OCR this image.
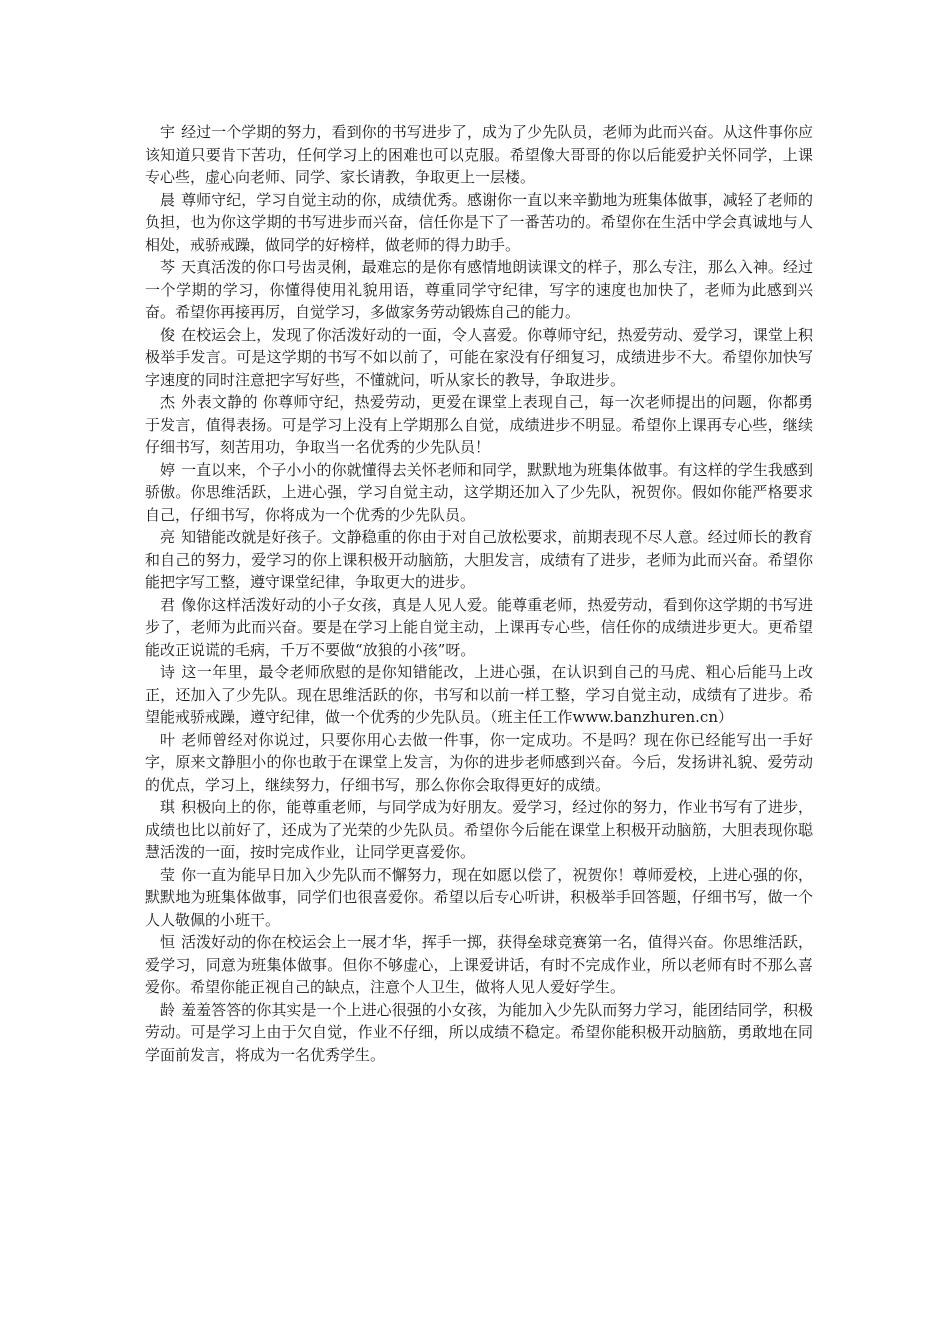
宇 经过一个学期的努力，看到你的书写进步了，成为了少先队员，老师为此而兴奋。从这件事你应该知道只要肯下苦功，任何学习上的困难也可以克服。希望像大哥哥的你以后能爱护关怀同学，上课专心些，虚心向老师、同学、家长请教，争取更上一层楼。

晨 尊师守纪，学习自觉主动的你，成绩优秀。感谢你一直以来辛勤地为班集体做事，减轻了老师的负担，也为你这学期的书写进步而兴奋，信任你是下了一番苦功的。希望你在生活中学会真诚地与人相处，戒骄戒躁，做同学的好榜样，做老师的得力助手。

芩 天真活泼的你口号齿灵俐，最难忘的是你有感情地朗读课文的样子，那么专注，那么入神。经过一个学期的学习，你懂得使用礼貌用语，尊重同学守纪律，写字的速度也加快了，老师为此感到兴奋。希望你再接再厉，自觉学习，多做家务劳动锻炼自己的能力。

俊 在校运会上，发现了你活泼好动的一面，令人喜爱。你尊师守纪，热爱劳动、爱学习，课堂上积极举手发言。可是这学期的书写不如以前了，可能在家没有仔细复习，成绩进步不大。希望你加快写字速度的同时注意把字写好些，不懂就问，听从家长的教导，争取进步。

杰 外表文静的 你尊师守纪，热爱劳动，更爱在课堂上表现自己，每一次老师提出的问题，你都勇于发言，值得表扬。可是学习上没有上学期那么自觉，成绩进步不明显。希望你上课再专心些，继续仔细书写，刻苦用功，争取当一名优秀的少先队员！

婷 一直以来，个子小小的你就懂得去关怀老师和同学，默默地为班集体做事。有这样的学生我感到骄傲。你思维活跃，上进心强，学习自觉主动，这学期还加入了少先队，祝贺你。假如你能严格要求自己，仔细书写，你将成为一个优秀的少先队员。

亮 知错能改就是好孩子。文静稳重的你由于对自己放松要求，前期表现不尽人意。经过师长的教育和自己的努力，爱学习的你上课积极开动脑筋，大胆发言，成绩有了进步，老师为此而兴奋。希望你能把字写工整，遵守课堂纪律，争取更大的进步。

君 像你这样活泼好动的小子女孩，真是人见人爱。能尊重老师，热爱劳动，看到你这学期的书写进步了，老师为此而兴奋。要是在学习上能自觉主动，上课再专心些，信任你的成绩进步更大。更希望能改正说谎的毛病，千万不要做“放狼的小孩”呀。

诗 这一年里，最令老师欣慰的是你知错能改，上进心强，在认识到自己的马虎、粗心后能马上改正，还加入了少先队。现在思维活跃的你，书写和以前一样工整，学习自觉主动，成绩有了进步。希望能戒骄戒躁，遵守纪律，做一个优秀的少先队员。（班主任工作www.banzhuren.cn）

叶 老师曾经对你说过，只要你用心去做一件事，你一定成功。不是吗？现在你已经能写出一手好字，原来文静胆小的你也敢于在课堂上发言，为你的进步老师感到兴奋。今后，发扬讲礼貌、爱劳动的优点，学习上，继续努力，仔细书写，那么你你会取得更好的成绩。

琪 积极向上的你，能尊重老师，与同学成为好朋友。爱学习，经过你的努力，作业书写有了进步，成绩也比以前好了，还成为了光荣的少先队员。希望你今后能在课堂上积极开动脑筋，大胆表现你聪慧活泼的一面，按时完成作业，让同学更喜爱你。

莹 你一直为能早日加入少先队而不懈努力，现在如愿以偿了，祝贺你！尊师爱校，上进心强的你，默默地为班集体做事，同学们也很喜爱你。希望以后专心听讲，积极举手回答题，仔细书写，做一个人人敬佩的小班干。

恒 活泼好动的你在校运会上一展才华，挥手一掷，获得垒球竞赛第一名，值得兴奋。你思维活跃，爱学习，同意为班集体做事。但你不够虚心，上课爱讲话，有时不完成作业，所以老师有时不那么喜爱你。希望你能正视自己的缺点，注意个人卫生，做将人见人爱好学生。

龄 羞羞答答的你其实是一个上进心很强的小女孩，为能加入少先队而努力学习，能团结同学，积极劳动。可是学习上由于欠自觉，作业不仔细，所以成绩不稳定。希望你能积极开动脑筋，勇敢地在同学面前发言，将成为一名优秀学生。
